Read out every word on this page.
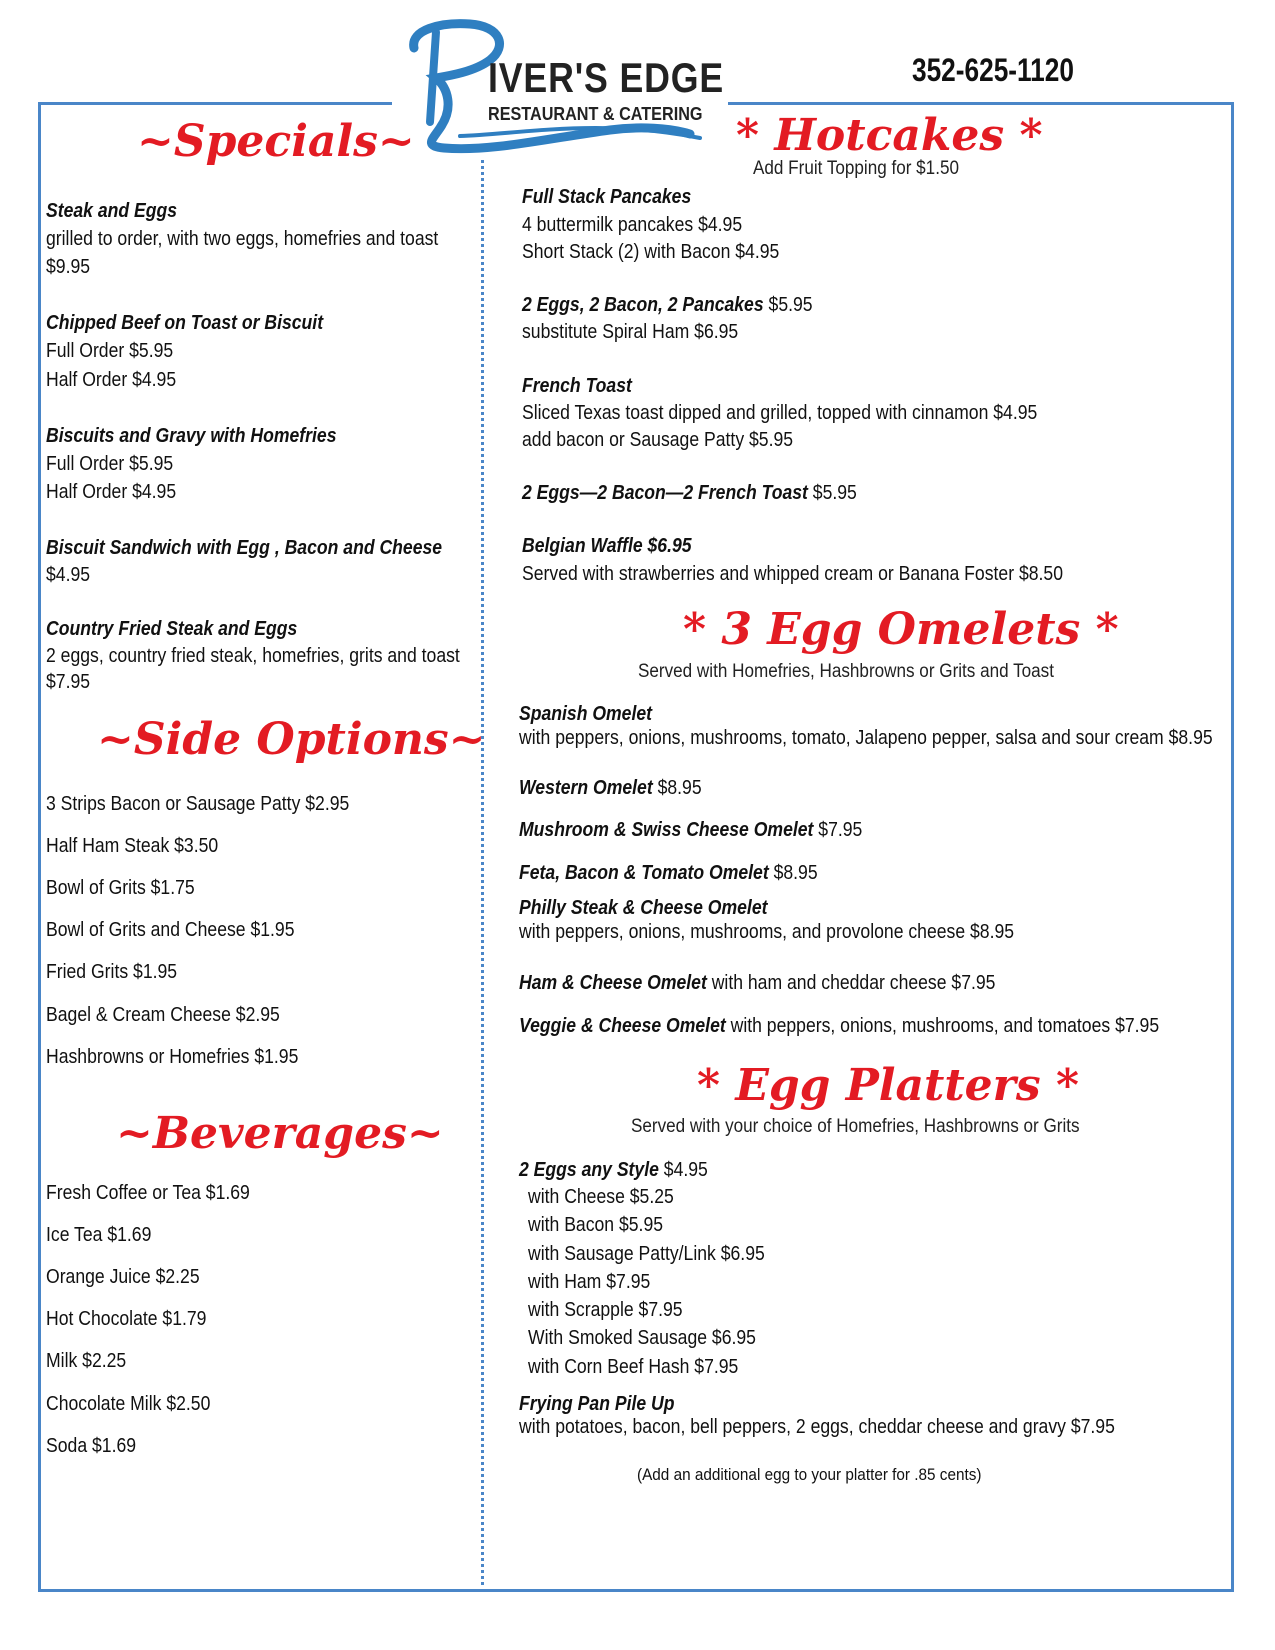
IVER'S EDGE
RESTAURANT & CATERING
352-625-1120
~Specials~
Steak and Eggs
grilled to order, with two eggs, homefries and toast
$9.95
Chipped Beef on Toast or Biscuit
Full Order $5.95
Half Order $4.95
Biscuits and Gravy with Homefries
Full Order $5.95
Half Order $4.95
Biscuit Sandwich with Egg , Bacon and Cheese
$4.95
Country Fried Steak and Eggs
2 eggs, country fried steak, homefries, grits and toast
$7.95
~Side Options~
3 Strips Bacon or Sausage Patty $2.95
Half Ham Steak $3.50
Bowl of Grits $1.75
Bowl of Grits and Cheese $1.95
Fried Grits $1.95
Bagel & Cream Cheese $2.95
Hashbrowns or Homefries $1.95
~Beverages~
Fresh Coffee or Tea $1.69
Ice Tea $1.69
Orange Juice $2.25
Hot Chocolate $1.79
Milk $2.25
Chocolate Milk $2.50
Soda $1.69
* Hotcakes *
Add Fruit Topping for $1.50
Full Stack Pancakes
4 buttermilk pancakes $4.95
Short Stack (2) with Bacon $4.95
2 Eggs, 2 Bacon, 2 Pancakes $5.95
substitute Spiral Ham $6.95
French Toast
Sliced Texas toast dipped and grilled, topped with cinnamon $4.95
add bacon or Sausage Patty $5.95
2 Eggs—2 Bacon—2 French Toast $5.95
Belgian Waffle $6.95
Served with strawberries and whipped cream or Banana Foster $8.50
* 3 Egg Omelets *
Served with Homefries, Hashbrowns or Grits and Toast
Spanish Omelet
with peppers, onions, mushrooms, tomato, Jalapeno pepper, salsa and sour cream $8.95
Western Omelet $8.95
Mushroom & Swiss Cheese Omelet $7.95
Feta, Bacon & Tomato Omelet $8.95
Philly Steak & Cheese Omelet
with peppers, onions, mushrooms, and provolone cheese $8.95
Ham & Cheese Omelet with ham and cheddar cheese $7.95
Veggie & Cheese Omelet with peppers, onions, mushrooms, and tomatoes $7.95
* Egg Platters *
Served with your choice of Homefries, Hashbrowns or Grits
2 Eggs any Style $4.95
with Cheese $5.25
with Bacon $5.95
with Sausage Patty/Link $6.95
with Ham $7.95
with Scrapple $7.95
With Smoked Sausage $6.95
with Corn Beef Hash $7.95
Frying Pan Pile Up
with potatoes, bacon, bell peppers, 2 eggs, cheddar cheese and gravy $7.95
(Add an additional egg to your platter for .85 cents)
